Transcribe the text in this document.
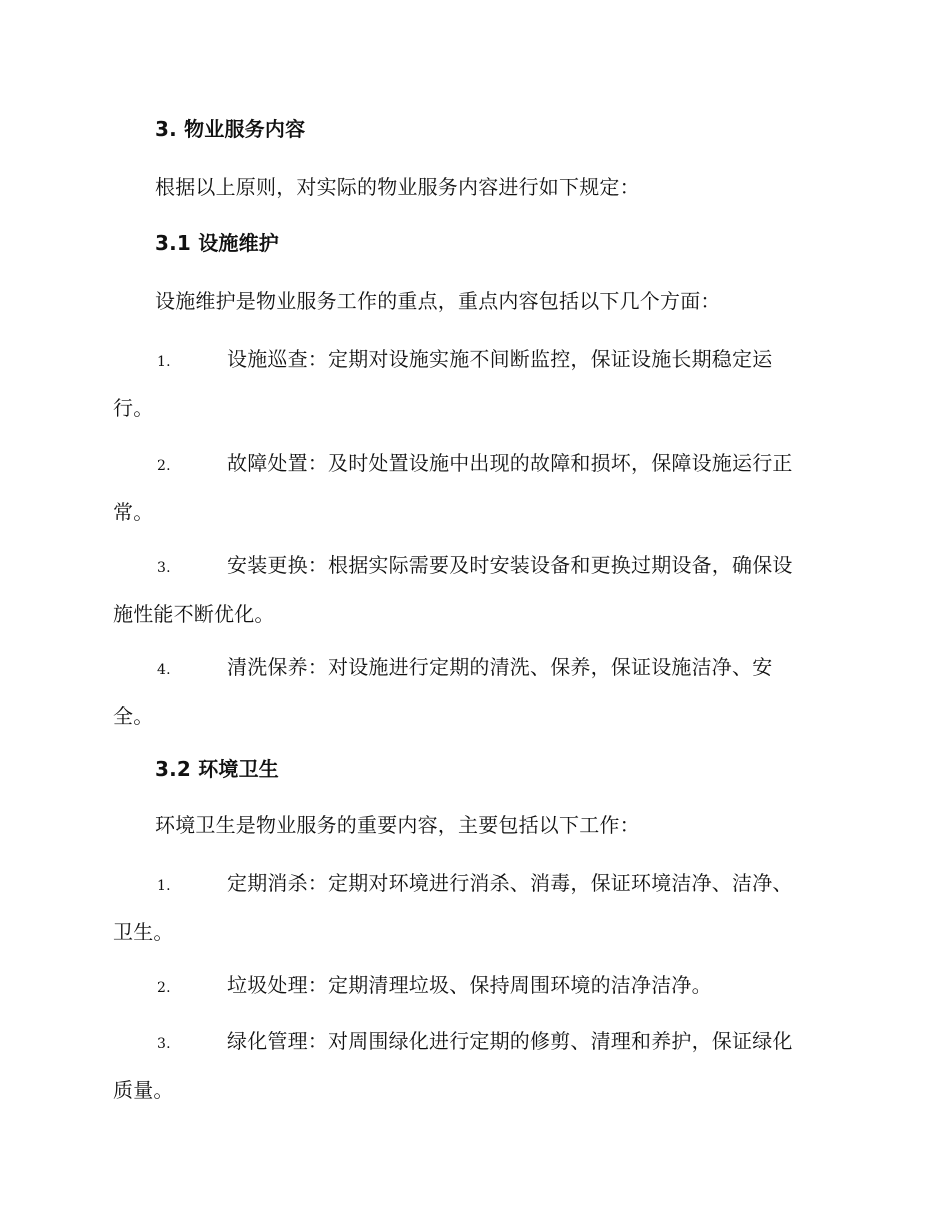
3. 物业服务内容
根据以上原则，对实际的物业服务内容进行如下规定：
3.1 设施维护
设施维护是物业服务工作的重点，重点内容包括以下几个方面：
1.	设施巡查：定期对设施实施不间断监控，保证设施长期稳定运
行。
2.	故障处置：及时处置设施中出现的故障和损坏，保障设施运行正
常。
3.	安装更换：根据实际需要及时安装设备和更换过期设备，确保设
施性能不断优化。
4.	清洗保养：对设施进行定期的清洗、保养，保证设施洁净、安
全。
3.2 环境卫生
环境卫生是物业服务的重要内容，主要包括以下工作：
1.	定期消杀：定期对环境进行消杀、消毒，保证环境洁净、洁净、
卫生。
2.	垃圾处理：定期清理垃圾、保持周围环境的洁净洁净。
3.	绿化管理：对周围绿化进行定期的修剪、清理和养护，保证绿化
质量。
